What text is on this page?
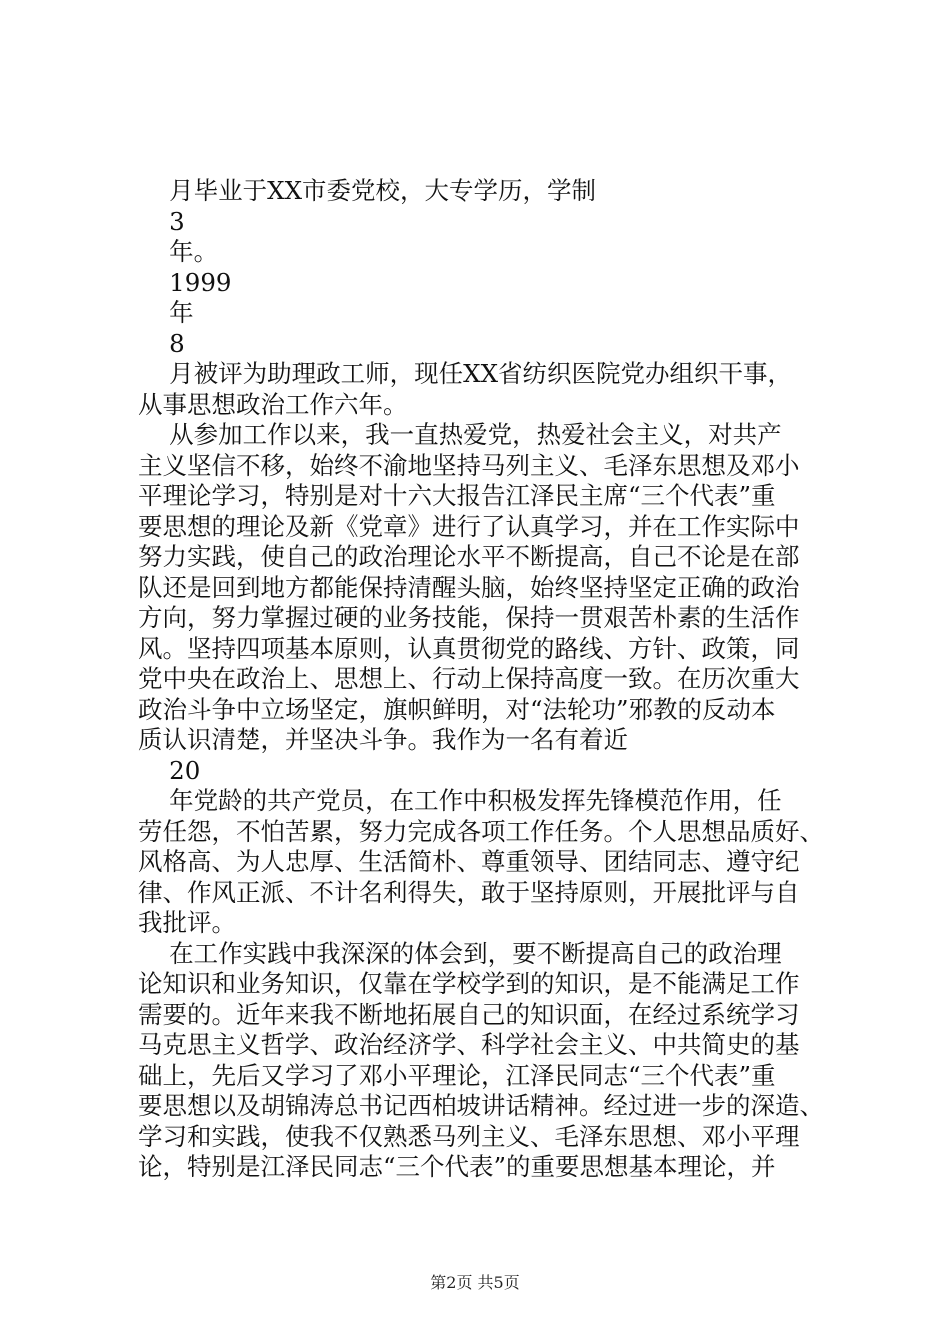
月毕业于XX市委党校，大专学历，学制
3
年。
1999
年
8
月被评为助理政工师，现任XX省纺织医院党办组织干事，
从事思想政治工作六年。
从参加工作以来，我一直热爱党，热爱社会主义，对共产
主义坚信不移，始终不渝地坚持马列主义、毛泽东思想及邓小
平理论学习，特别是对十六大报告江泽民主席“三个代表”重
要思想的理论及新《党章》进行了认真学习，并在工作实际中
努力实践，使自己的政治理论水平不断提高，自己不论是在部
队还是回到地方都能保持清醒头脑，始终坚持坚定正确的政治
方向，努力掌握过硬的业务技能，保持一贯艰苦朴素的生活作
风。坚持四项基本原则，认真贯彻党的路线、方针、政策，同
党中央在政治上、思想上、行动上保持高度一致。在历次重大
政治斗争中立场坚定，旗帜鲜明，对“法轮功”邪教的反动本
质认识清楚，并坚决斗争。我作为一名有着近
20
年党龄的共产党员，在工作中积极发挥先锋模范作用，任
劳任怨，不怕苦累，努力完成各项工作任务。个人思想品质好、
风格高、为人忠厚、生活简朴、尊重领导、团结同志、遵守纪
律、作风正派、不计名利得失，敢于坚持原则，开展批评与自
我批评。
在工作实践中我深深的体会到，要不断提高自己的政治理
论知识和业务知识，仅靠在学校学到的知识，是不能满足工作
需要的。近年来我不断地拓展自己的知识面，在经过系统学习
马克思主义哲学、政治经济学、科学社会主义、中共简史的基
础上，先后又学习了邓小平理论，江泽民同志“三个代表”重
要思想以及胡锦涛总书记西柏坡讲话精神。经过进一步的深造、
学习和实践，使我不仅熟悉马列主义、毛泽东思想、邓小平理
论，特别是江泽民同志“三个代表”的重要思想基本理论，并
第2页 共5页
